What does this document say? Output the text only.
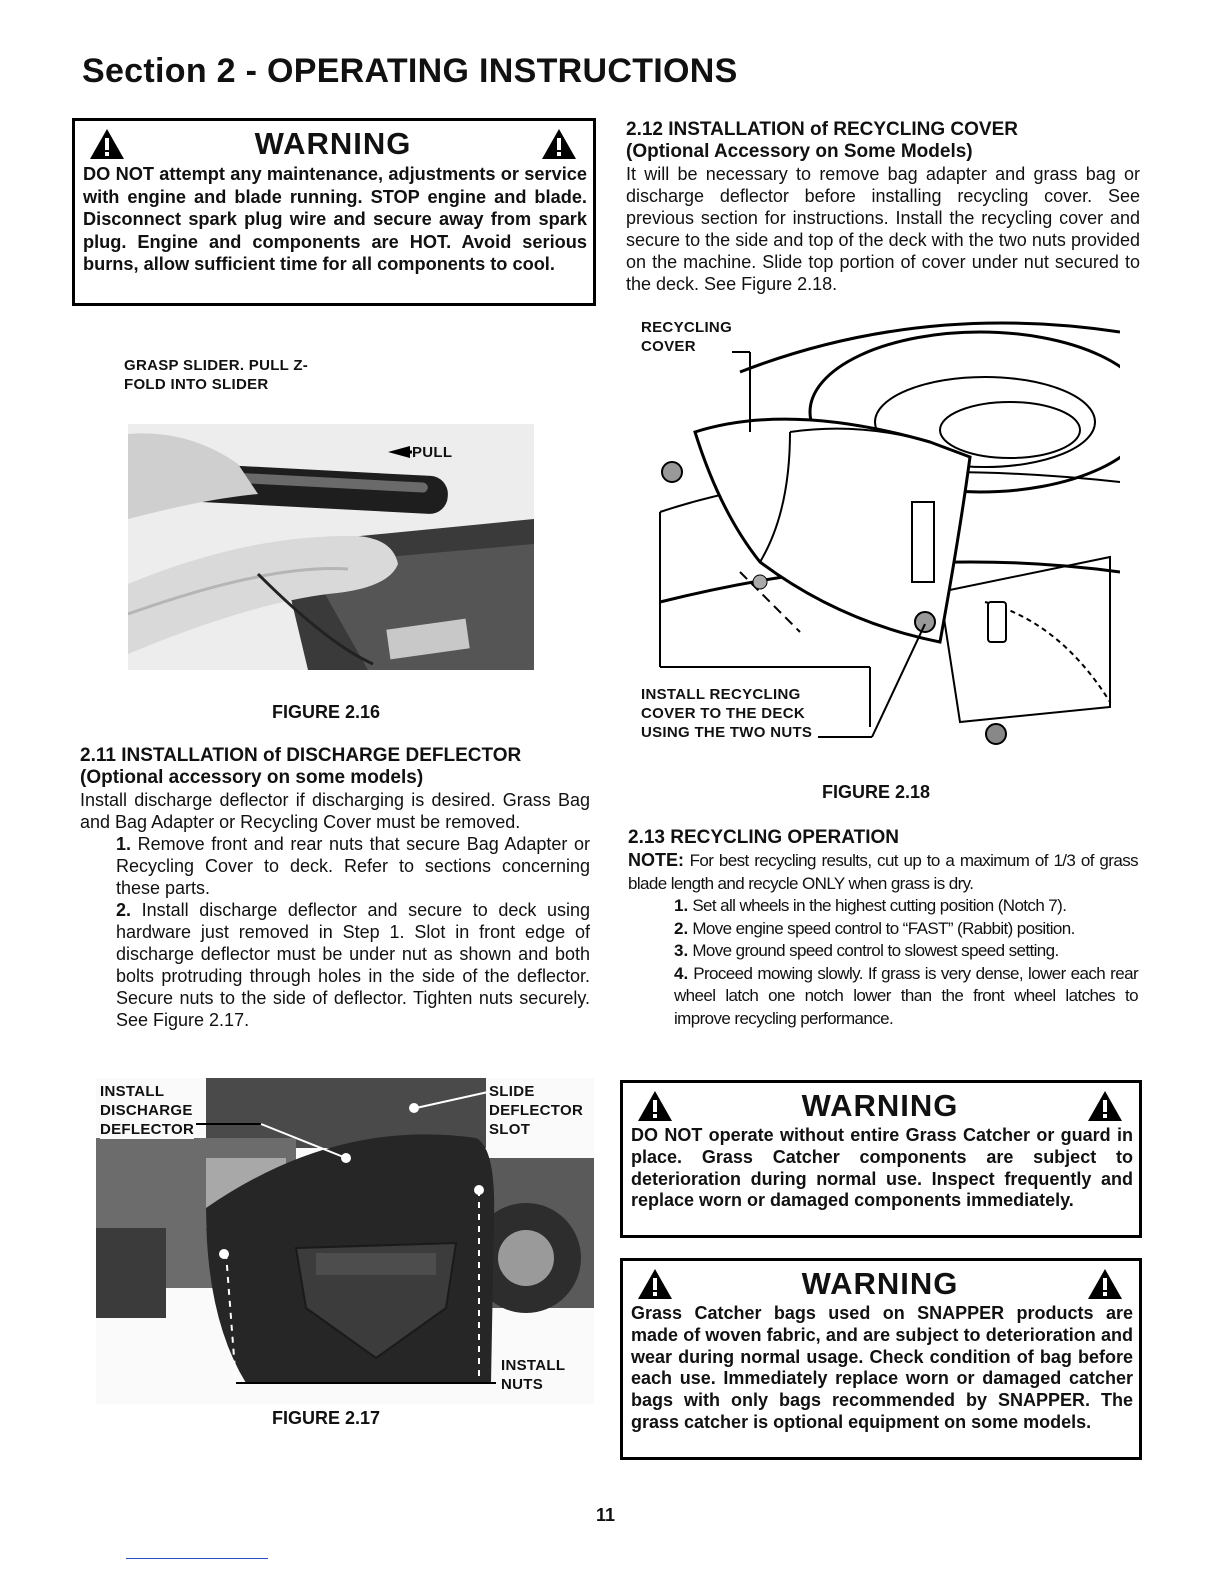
Section 2 - OPERATING INSTRUCTIONS
WARNING
DO NOT attempt any maintenance, adjustments or service with engine and blade running. STOP engine and blade. Disconnect spark plug wire and secure away from spark plug. Engine and components are HOT. Avoid serious burns, allow sufficient time for all components to cool.
GRASP SLIDER. PULL Z-
FOLD INTO SLIDER
PULL
FIGURE 2.16
2.11 INSTALLATION of DISCHARGE DEFLECTOR
(Optional accessory on some models)
Install discharge deflector if discharging is desired. Grass Bag and Bag Adapter or Recycling Cover must be removed.
1. Remove front and rear nuts that secure Bag Adapter or Recycling Cover to deck. Refer to sections concerning these parts.
2. Install discharge deflector and secure to deck using hardware just removed in Step 1. Slot in front edge of discharge deflector must be under nut as shown and both bolts protruding through holes in the side of the deflector. Secure nuts to the side of deflector. Tighten nuts securely. See Figure 2.17.
INSTALL
DISCHARGE
DEFLECTOR
SLIDE
DEFLECTOR
SLOT
INSTALL
NUTS
FIGURE 2.17
2.12 INSTALLATION of RECYCLING COVER
(Optional Accessory on Some Models)
It will be necessary to remove bag adapter and grass bag or discharge deflector before installing recycling cover. See previous section for instructions. Install the recycling cover and secure to the side and top of the deck with the two nuts provided on the machine. Slide top portion of cover under nut secured to the deck. See Figure 2.18.
RECYCLING
COVER
INSTALL RECYCLING
COVER TO THE DECK
USING THE TWO NUTS
FIGURE 2.18
2.13 RECYCLING OPERATION
NOTE: For best recycling results, cut up to a maximum of 1/3 of grass blade length and recycle ONLY when grass is dry.
1. Set all wheels in the highest cutting position (Notch 7).
2. Move engine speed control to “FAST” (Rabbit) position.
3. Move ground speed control to slowest speed setting.
4. Proceed mowing slowly. If grass is very dense, lower each rear wheel latch one notch lower than the front wheel latches to improve recycling performance.
WARNING
DO NOT operate without entire Grass Catcher or guard in place. Grass Catcher components are subject to deterioration during normal use. Inspect frequently and replace worn or damaged components immediately.
WARNING
Grass Catcher bags used on SNAPPER products are made of woven fabric, and are subject to deterioration and wear during normal usage. Check condition of bag before each use. Immediately replace worn or damaged catcher bags with only bags recommended by SNAPPER. The grass catcher is optional equipment on some models.
11
